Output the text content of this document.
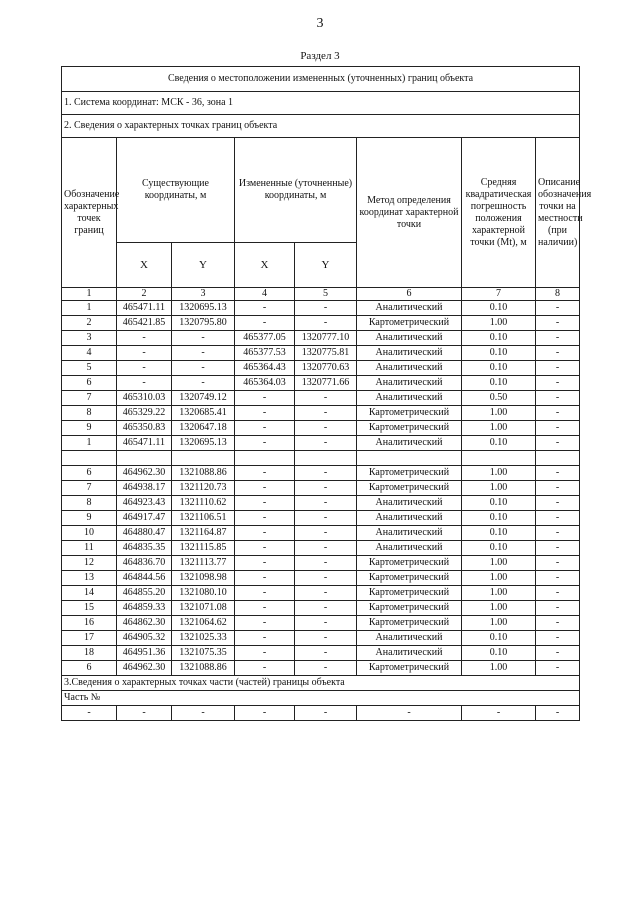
3
Раздел 3
Сведения о местоположении измененных (уточненных) границ объекта							
1. Система координат: МСК - 36, зона 1							
2. Сведения о характерных точках границ объекта							
Обозначение характерных точек границ	Существующие координаты, м		Измененные (уточненные) координаты, м		Метод определения координат характерной точки	Средняя квадратическая погрешность положения характерной точки (Mt), м	Описание обозначения точки на местности (при наличии)
	X	Y	X	Y			
1	2	3	4	5	6	7	8
1	465471.11	1320695.13	-	-	Аналитический	0.10	-
2	465421.85	1320795.80	-	-	Картометрический	1.00	-
3	-	-	465377.05	1320777.10	Аналитический	0.10	-
4	-	-	465377.53	1320775.81	Аналитический	0.10	-
5	-	-	465364.43	1320770.63	Аналитический	0.10	-
6	-	-	465364.03	1320771.66	Аналитический	0.10	-
7	465310.03	1320749.12	-	-	Аналитический	0.50	-
8	465329.22	1320685.41	-	-	Картометрический	1.00	-
9	465350.83	1320647.18	-	-	Картометрический	1.00	-
1	465471.11	1320695.13	-	-	Аналитический	0.10	-

6	464962.30	1321088.86	-	-	Картометрический	1.00	-
7	464938.17	1321120.73	-	-	Картометрический	1.00	-
8	464923.43	1321110.62	-	-	Аналитический	0.10	-
9	464917.47	1321106.51	-	-	Аналитический	0.10	-
10	464880.47	1321164.87	-	-	Аналитический	0.10	-
11	464835.35	1321115.85	-	-	Аналитический	0.10	-
12	464836.70	1321113.77	-	-	Картометрический	1.00	-
13	464844.56	1321098.98	-	-	Картометрический	1.00	-
14	464855.20	1321080.10	-	-	Картометрический	1.00	-
15	464859.33	1321071.08	-	-	Картометрический	1.00	-
16	464862.30	1321064.62	-	-	Картометрический	1.00	-
17	464905.32	1321025.33	-	-	Аналитический	0.10	-
18	464951.36	1321075.35	-	-	Аналитический	0.10	-
6	464962.30	1321088.86	-	-	Картометрический	1.00	-
3.Сведения о характерных точках части (частей) границы объекта							
Часть №							
-	-	-	-	-	-	-	-
